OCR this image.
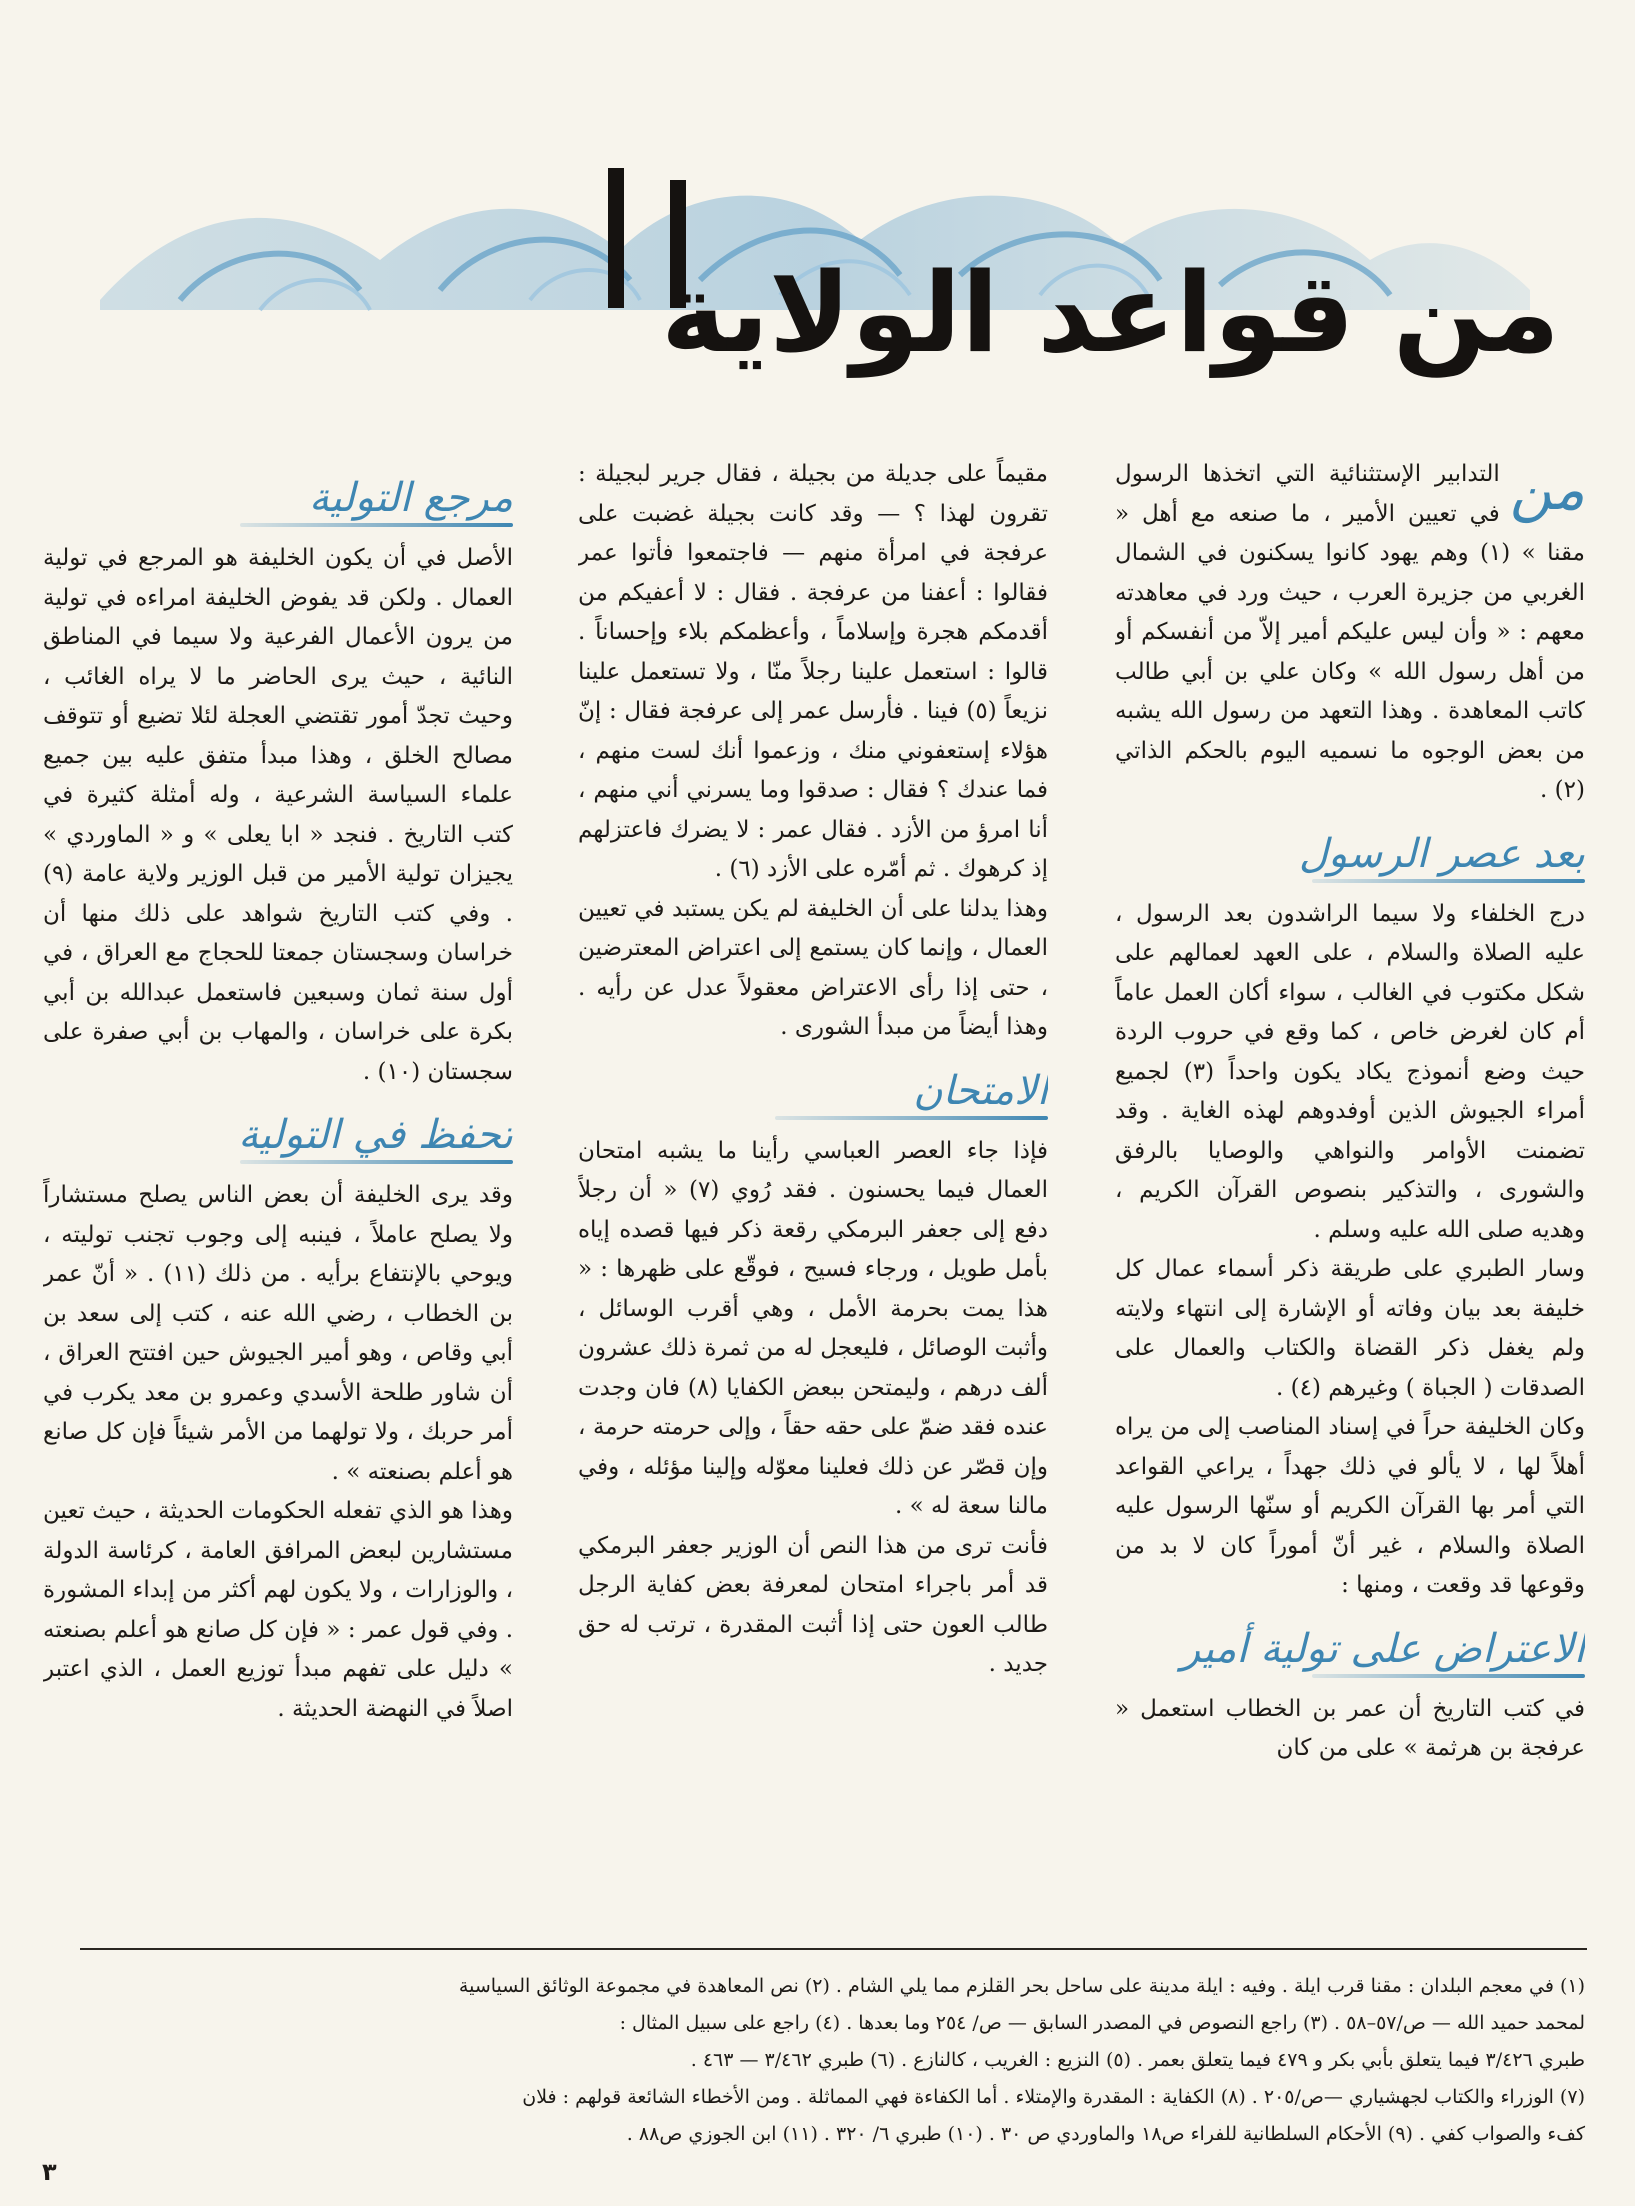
من قواعد الولاية

من
التدابير الإستثنائية التي اتخذها الرسول في تعيين الأمير ، ما صنعه مع أهل « مقنا » (١) وهم يهود كانوا يسكنون في الشمال الغربي من جزيرة العرب ، حيث ورد في معاهدته معهم : « وأن ليس عليكم أمير إلاّ من أنفسكم أو من أهل رسول الله » وكان علي بن أبي طالب كاتب المعاهدة . وهذا التعهد من رسول الله يشبه من بعض الوجوه ما نسميه اليوم بالحكم الذاتي (٢) .

بعد عصر الرسول

درج الخلفاء ولا سيما الراشدون بعد الرسول ، عليه الصلاة والسلام ، على العهد لعمالهم على شكل مكتوب في الغالب ، سواء أكان العمل عاماً أم كان لغرض خاص ، كما وقع في حروب الردة حيث وضع أنموذج يكاد يكون واحداً (٣) لجميع أمراء الجيوش الذين أوفدوهم لهذه الغاية . وقد تضمنت الأوامر والنواهي والوصايا بالرفق والشورى ، والتذكير بنصوص القرآن الكريم ، وهديه صلى الله عليه وسلم .

وسار الطبري على طريقة ذكر أسماء عمال كل خليفة بعد بيان وفاته أو الإشارة إلى انتهاء ولايته ولم يغفل ذكر القضاة والكتاب والعمال على الصدقات ( الجباة ) وغيرهم (٤) .

وكان الخليفة حراً في إسناد المناصب إلى من يراه أهلاً لها ، لا يألو في ذلك جهداً ، يراعي القواعد التي أمر بها القرآن الكريم أو سنّها الرسول عليه الصلاة والسلام ، غير أنّ أموراً كان لا بد من وقوعها قد وقعت ، ومنها :

الاعتراض على تولية أمير

في كتب التاريخ أن عمر بن الخطاب استعمل « عرفجة بن هرثمة » على من كان

مقيماً على جديلة من بجيلة ، فقال جرير لبجيلة : تقرون لهذا ؟ — وقد كانت بجيلة غضبت على عرفجة في امرأة منهم — فاجتمعوا فأتوا عمر فقالوا : أعفنا من عرفجة . فقال : لا أعفيكم من أقدمكم هجرة وإسلاماً ، وأعظمكم بلاء وإحساناً . قالوا : استعمل علينا رجلاً منّا ، ولا تستعمل علينا نزيعاً (٥) فينا . فأرسل عمر إلى عرفجة فقال : إنّ هؤلاء إستعفوني منك ، وزعموا أنك لست منهم ، فما عندك ؟ فقال : صدقوا وما يسرني أني منهم ، أنا امرؤ من الأزد . فقال عمر : لا يضرك فاعتزلهم إذ كرهوك . ثم أمّره على الأزد (٦) .

وهذا يدلنا على أن الخليفة لم يكن يستبد في تعيين العمال ، وإنما كان يستمع إلى اعتراض المعترضين ، حتى إذا رأى الاعتراض معقولاً عدل عن رأيه . وهذا أيضاً من مبدأ الشورى .

الامتحان

فإذا جاء العصر العباسي رأينا ما يشبه امتحان العمال فيما يحسنون . فقد رُوي (٧) « أن رجلاً دفع إلى جعفر البرمكي رقعة ذكر فيها قصده إياه بأمل طويل ، ورجاء فسيح ، فوقّع على ظهرها : « هذا يمت بحرمة الأمل ، وهي أقرب الوسائل ، وأثبت الوصائل ، فليعجل له من ثمرة ذلك عشرون ألف درهم ، وليمتحن ببعض الكفايا (٨) فان وجدت عنده فقد ضمّ على حقه حقاً ، وإلى حرمته حرمة ، وإن قصّر عن ذلك فعلينا معوّله وإلينا مؤئله ، وفي مالنا سعة له » .

فأنت ترى من هذا النص أن الوزير جعفر البرمكي قد أمر باجراء امتحان لمعرفة بعض كفاية الرجل طالب العون حتى إذا أثبت المقدرة ، ترتب له حق جديد .

مرجع التولية

الأصل في أن يكون الخليفة هو المرجع في تولية العمال . ولكن قد يفوض الخليفة امراءه في تولية من يرون الأعمال الفرعية ولا سيما في المناطق النائية ، حيث يرى الحاضر ما لا يراه الغائب ، وحيث تجدّ أمور تقتضي العجلة لئلا تضيع أو تتوقف مصالح الخلق ، وهذا مبدأ متفق عليه بين جميع علماء السياسة الشرعية ، وله أمثلة كثيرة في كتب التاريخ . فنجد « ابا يعلى » و « الماوردي » يجيزان تولية الأمير من قبل الوزير ولاية عامة (٩) . وفي كتب التاريخ شواهد على ذلك منها أن خراسان وسجستان جمعتا للحجاج مع العراق ، في أول سنة ثمان وسبعين فاستعمل عبدالله بن أبي بكرة على خراسان ، والمهاب بن أبي صفرة على سجستان (١٠) .

تحفظ في التولية

وقد يرى الخليفة أن بعض الناس يصلح مستشاراً ولا يصلح عاملاً ، فينبه إلى وجوب تجنب توليته ، ويوحي بالإنتفاع برأيه . من ذلك (١١) . « أنّ عمر بن الخطاب ، رضي الله عنه ، كتب إلى سعد بن أبي وقاص ، وهو أمير الجيوش حين افتتح العراق ، أن شاور طلحة الأسدي وعمرو بن معد يكرب في أمر حربك ، ولا توله‍ما من الأمر شيئاً فإن كل صانع هو أعلم بصنعته » .

وهذا هو الذي تفعله الحكومات الحديثة ، حيث تعين مستشارين لبعض المرافق العامة ، كرئاسة الدولة ، والوزارات ، ولا يكون لهم أكثر من إبداء المشورة . وفي قول عمر : « فإن كل صانع هو أعلم بصنعته » دليل على تفهم مبدأ توزيع العمل ، الذي اعتبر اصلاً في النهضة الحديثة .

(١) في معجم البلدان : مقنا قرب ايلة . وفيه : ايلة مدينة على ساحل بحر القلزم مما يلي الشام . (٢) نص المعاهدة في مجموعة الوثائق السياسية

لمحمد حميد الله — ص/٥٧–٥٨ . (٣) راجع النصوص في المصدر السابق — ص/ ٢٥٤ وما بعدها . (٤) راجع على سبيل المثال :

طبري ٣/٤٢٦ فيما يتعلق بأبي بكر و ٤٧٩ فيما يتعلق بعمر . (٥) النزيع : الغريب ، كالنازع . (٦) طبري ٣/٤٦٢ — ٤٦٣ .

(٧) الوزراء والكتاب لجهشياري —ص/٢٠٥ . (٨) الكفاية : المقدرة والإمتلاء . أما الكفاءة فهي المماثلة . ومن الأخطاء الشائعة قولهم : فلان

كفء والصواب كفي . (٩) الأحكام السلطانية للفراء ص١٨ والماوردي ص ٣٠ . (١٠) طبري ٦/ ٣٢٠ . (١١) ابن الجوزي ص٨٨ .

٣
